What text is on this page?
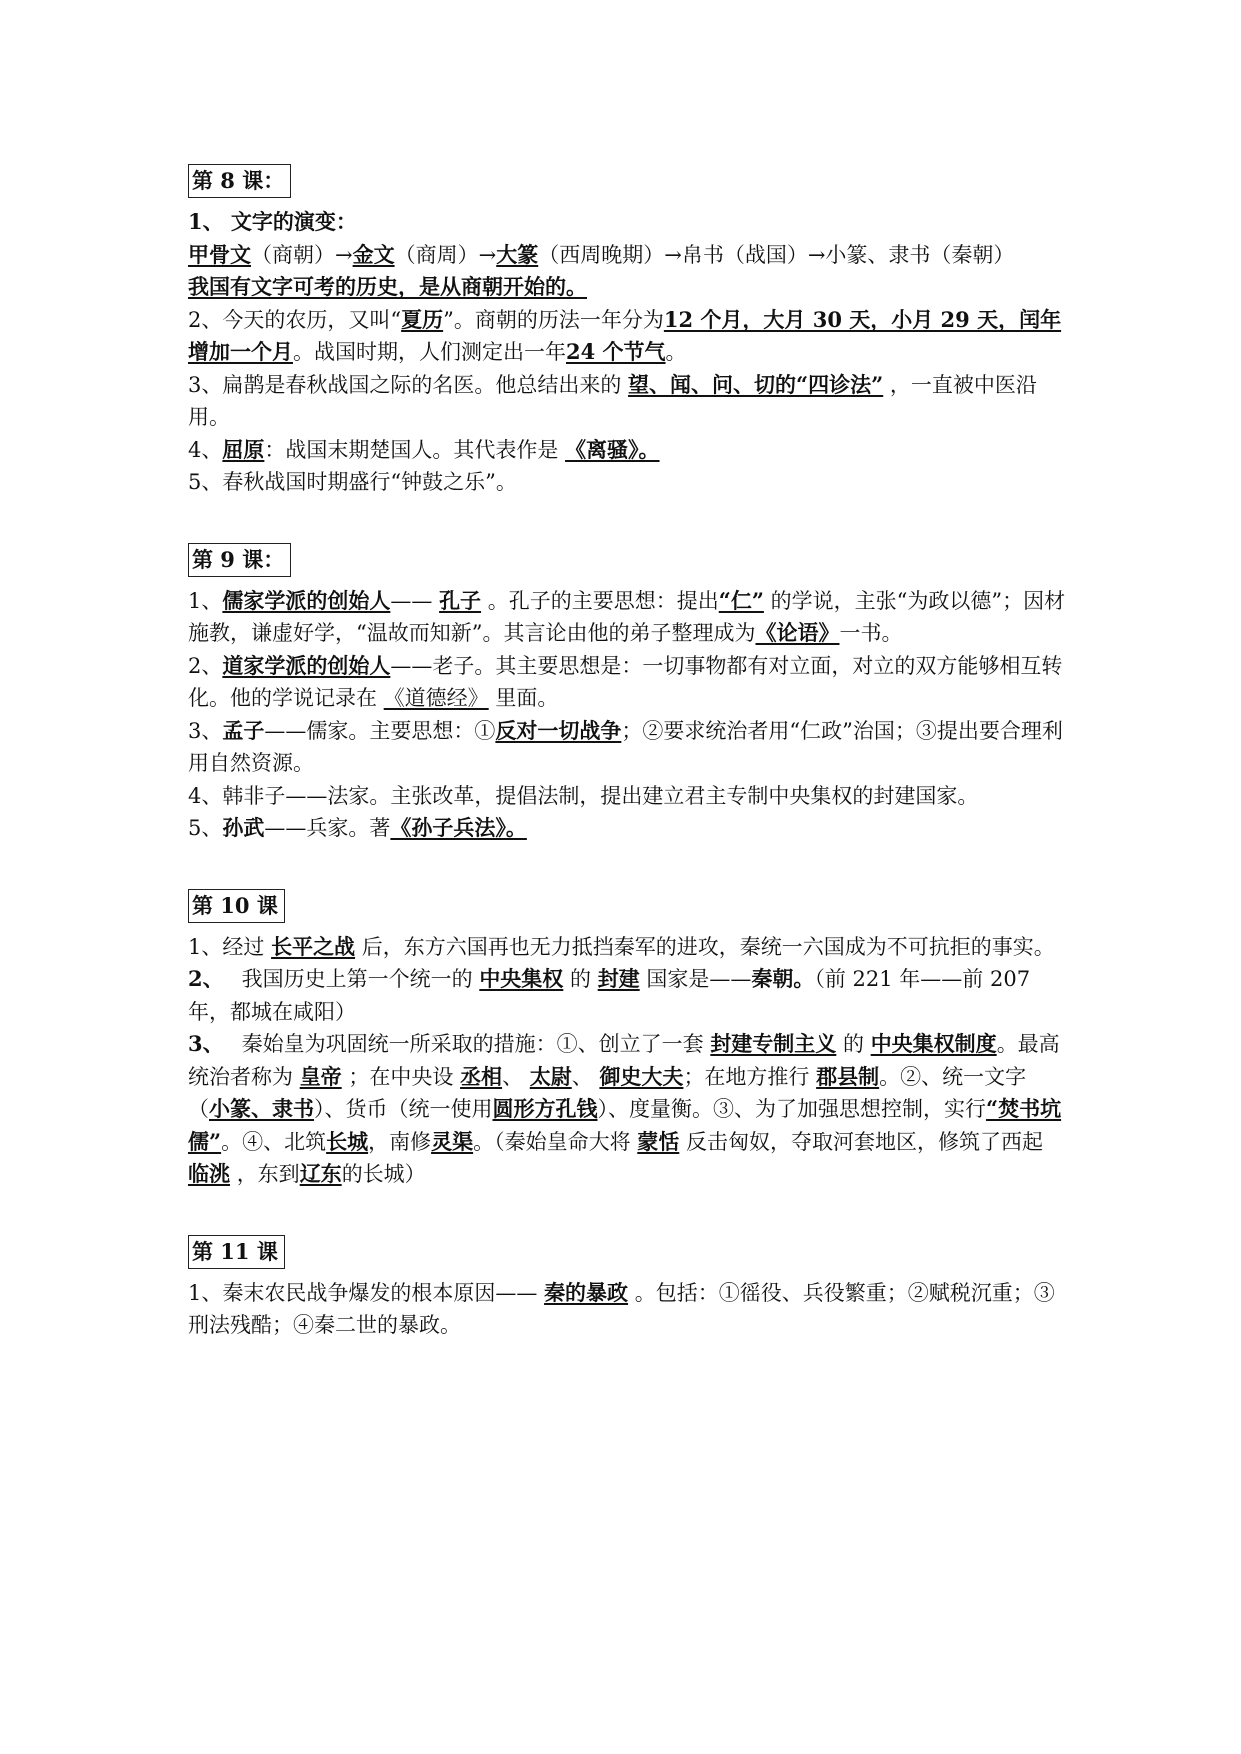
第 8 课：
1、 文字的演变：
甲骨文（商朝）→金文（商周）→大篆（西周晚期）→帛书（战国）→小篆、隶书（秦朝）
我国有文字可考的历史，是从商朝开始的。
2、今天的农历，又叫“夏历”。商朝的历法一年分为12 个月，大月 30 天，小月 29 天，闰年增加一个月。战国时期，人们测定出一年24 个节气。
3、扁鹊是春秋战国之际的名医。他总结出来的 望、闻、问、切的“四诊法” ，一直被中医沿用。
4、屈原：战国末期楚国人。其代表作是 《离骚》。
5、春秋战国时期盛行“钟鼓之乐”。
第 9 课：
1、儒家学派的创始人—— 孔子 。孔子的主要思想：提出“仁” 的学说，主张“为政以德”；因材施教，谦虚好学，“温故而知新”。其言论由他的弟子整理成为《论语》一书。
2、道家学派的创始人——老子。其主要思想是：一切事物都有对立面，对立的双方能够相互转化。他的学说记录在 《道德经》 里面。
3、孟子——儒家。主要思想：①反对一切战争；②要求统治者用“仁政”治国；③提出要合理利用自然资源。
4、韩非子——法家。主张改革，提倡法制，提出建立君主专制中央集权的封建国家。
5、孙武——兵家。著《孙子兵法》。
第 10 课
1、经过 长平之战 后，东方六国再也无力抵挡秦军的进攻，秦统一六国成为不可抗拒的事实。
2、 我国历史上第一个统一的 中央集权 的 封建 国家是——秦朝。（前 221 年——前 207 年，都城在咸阳）
3、 秦始皇为巩固统一所采取的措施：①、创立了一套 封建专制主义 的 中央集权制度。最高统治者称为 皇帝 ；在中央设 丞相、 太尉、 御史大夫；在地方推行 郡县制。②、统一文字（小篆、隶书）、货币（统一使用圆形方孔钱）、度量衡。③、为了加强思想控制，实行“焚书坑儒”。④、北筑长城，南修灵渠。（秦始皇命大将 蒙恬 反击匈奴，夺取河套地区，修筑了西起 临洮 ，东到辽东的长城）
第 11 课
1、秦末农民战争爆发的根本原因—— 秦的暴政 。包括：①徭役、兵役繁重；②赋税沉重；③刑法残酷；④秦二世的暴政。
